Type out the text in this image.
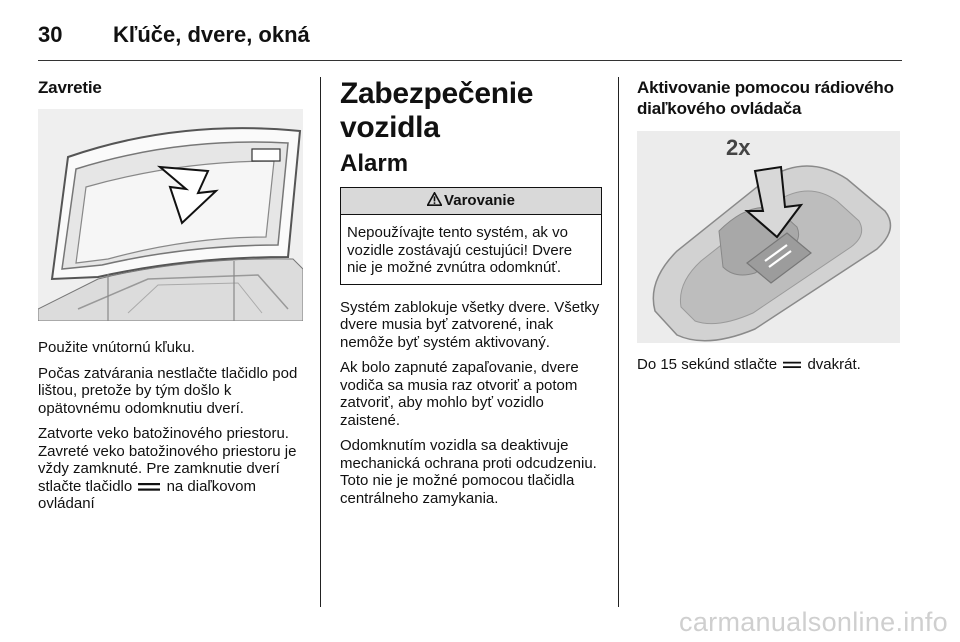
30 Kľúče, dvere, okná
Zavretie

Použite vnútornú kľuku.

Počas zatvárania nestlačte tlačidlo pod lištou, pretože by tým došlo k opätovnému odomknutiu dverí.

Zatvorte veko batožinového priestoru. Zavreté veko batožinového priestoru je vždy zamknuté. Pre zamknutie dverí stlačte tlačidlo na diaľkovom ovládaní

Zabezpečenie vozidla
Alarm
Varovanie
Nepoužívajte tento systém, ak vo vozidle zostávajú cestujúci! Dvere nie je možné zvnútra odomknúť.

Systém zablokuje všetky dvere. Všetky dvere musia byť zatvorené, inak nemôže byť systém aktivovaný.

Ak bolo zapnuté zapaľovanie, dvere vodiča sa musia raz otvoriť a potom zatvoriť, aby mohlo byť vozidlo zaistené.

Odomknutím vozidla sa deaktivuje mechanická ochrana proti odcudzeniu. Toto nie je možné pomocou tlačidla centrálneho zamykania.

Aktivovanie pomocou rádiového diaľkového ovládača
2x

Do 15 sekúnd stlačte dvakrát.

carmanualsonline.info
